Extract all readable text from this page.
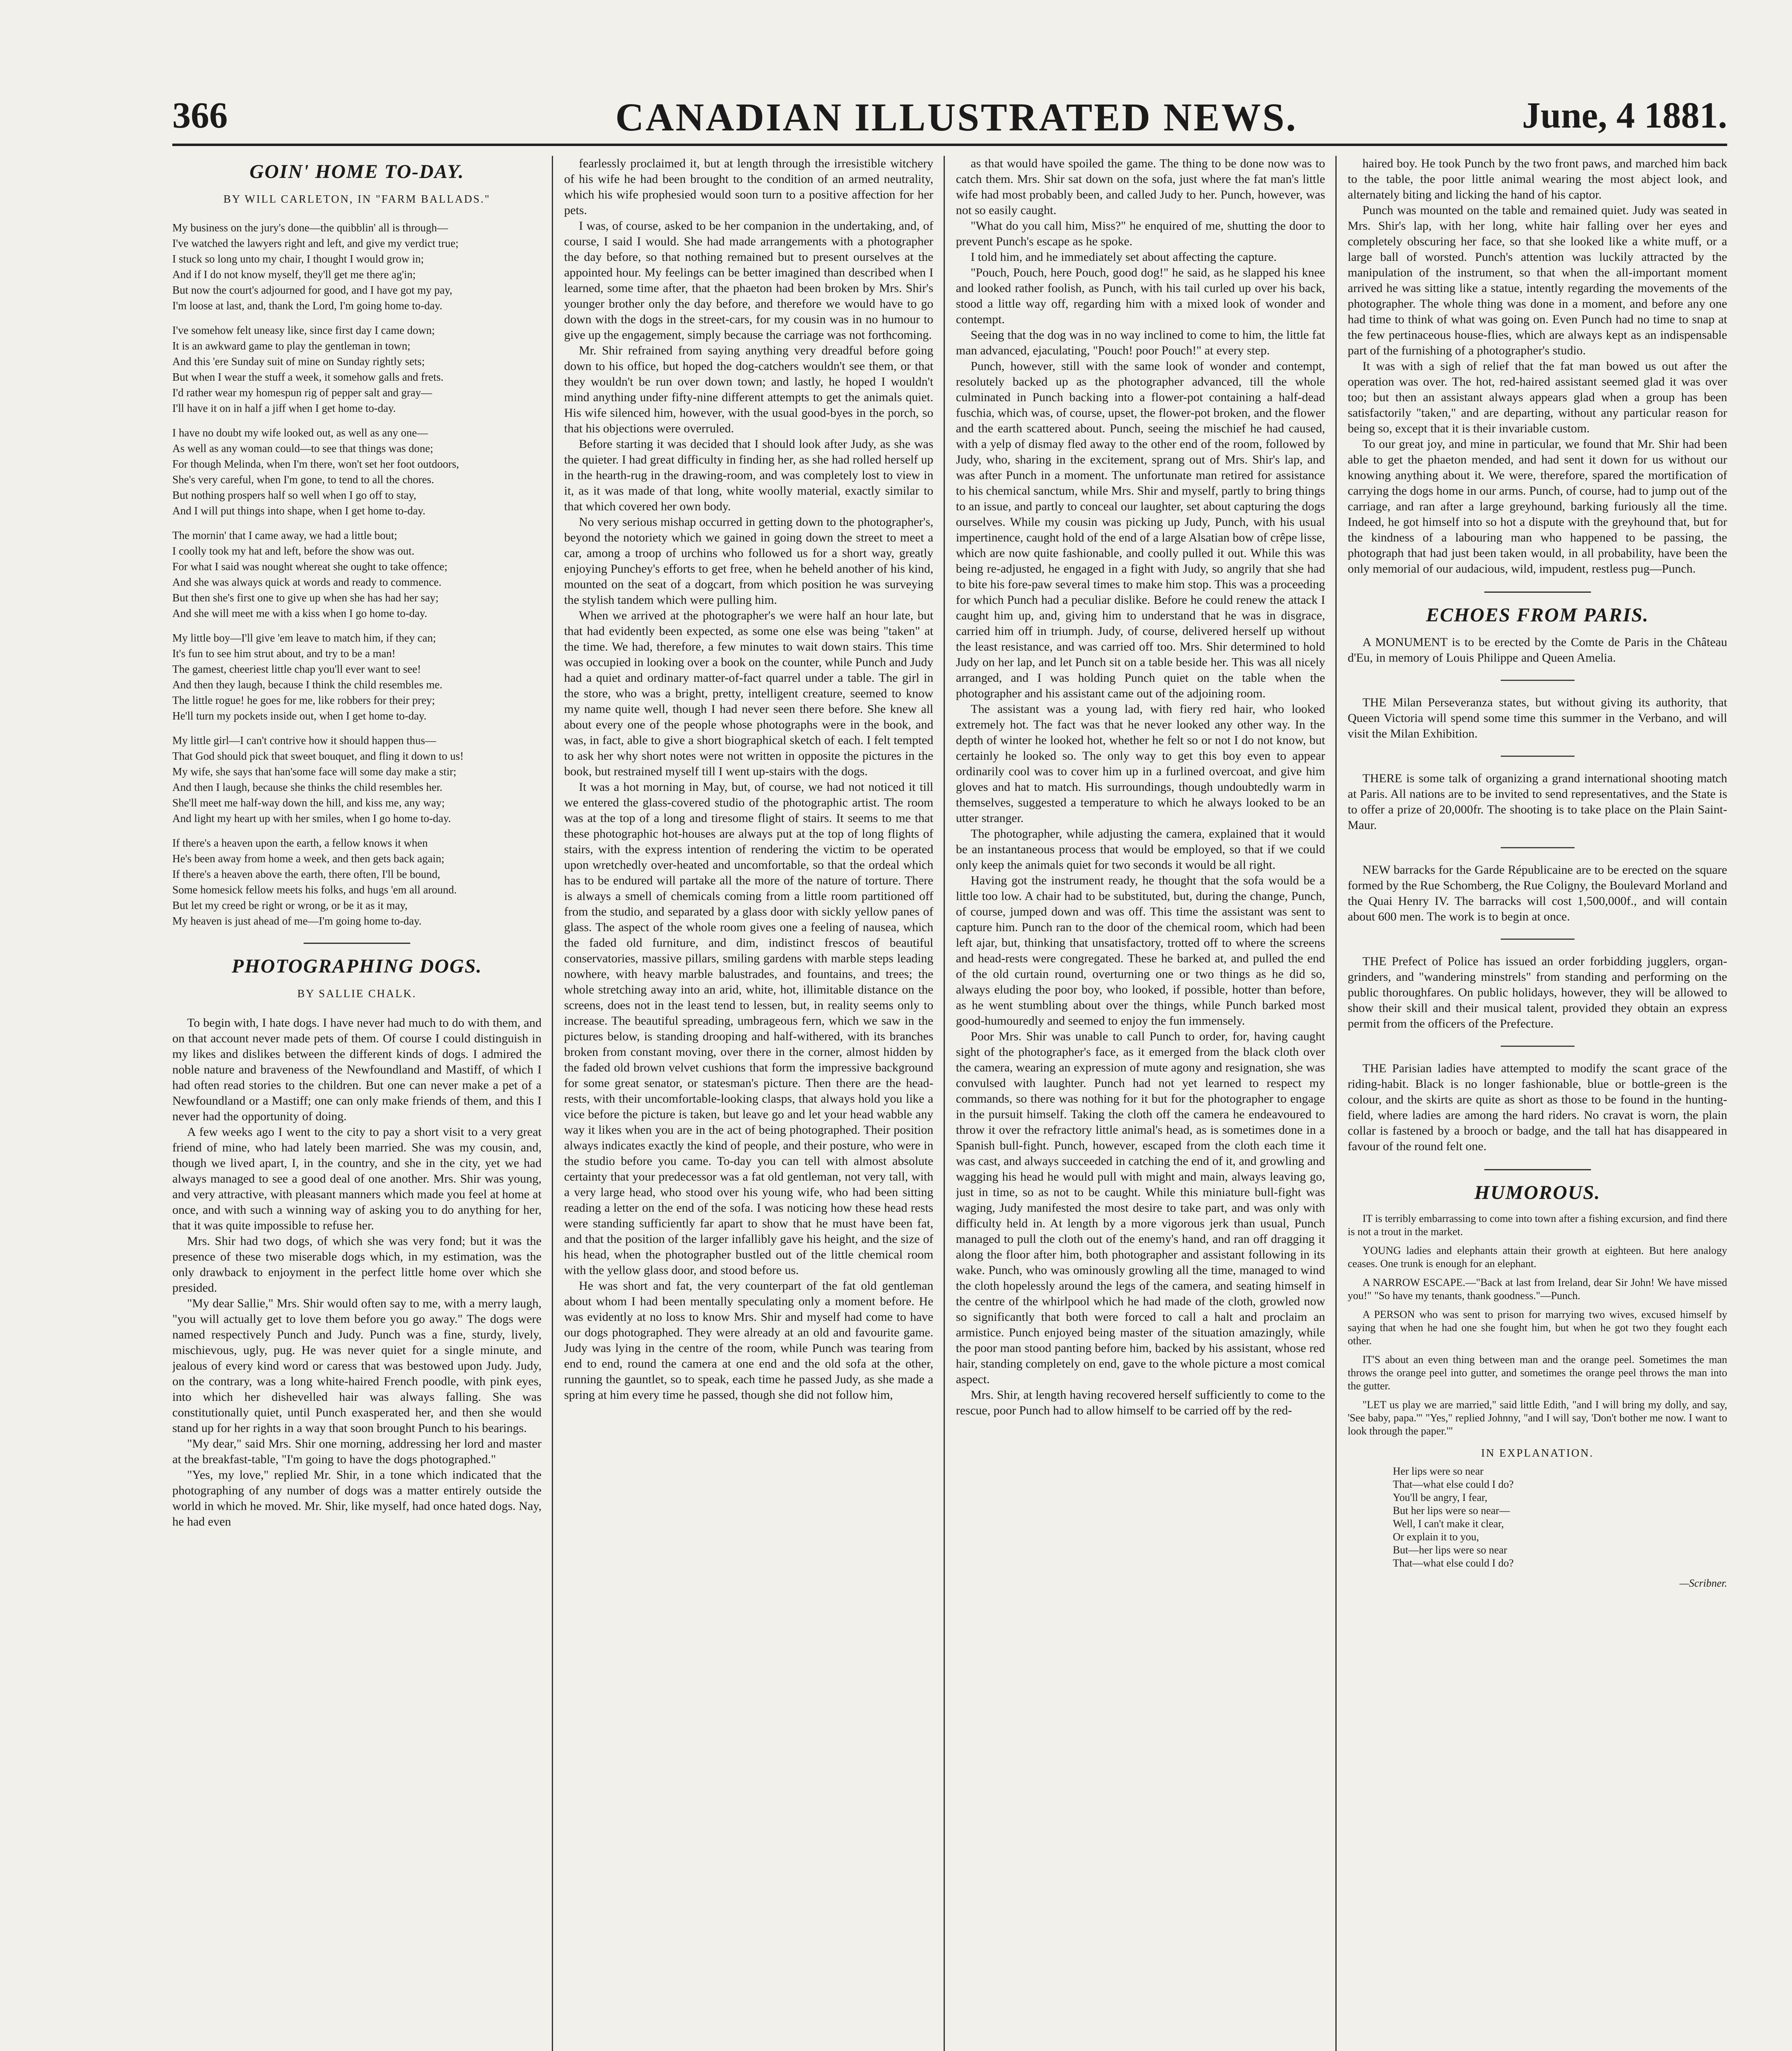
366	CANADIAN ILLUSTRATED NEWS.	June, 4 1881.
GOIN' HOME TO-DAY.
BY WILL CARLETON, IN "FARM BALLADS."

My business on the jury's done—the quibblin' all is through—

I've watched the lawyers right and left, and give my verdict true;

I stuck so long unto my chair, I thought I would grow in;

And if I do not know myself, they'll get me there ag'in;

But now the court's adjourned for good, and I have got my pay,

I'm loose at last, and, thank the Lord, I'm going home to-day.

I've somehow felt uneasy like, since first day I came down;

It is an awkward game to play the gentleman in town;

And this 'ere Sunday suit of mine on Sunday rightly sets;

But when I wear the stuff a week, it somehow galls and frets.

I'd rather wear my homespun rig of pepper salt and gray—

I'll have it on in half a jiff when I get home to-day.

I have no doubt my wife looked out, as well as any one—

As well as any woman could—to see that things was done;

For though Melinda, when I'm there, won't set her foot outdoors,

She's very careful, when I'm gone, to tend to all the chores.

But nothing prospers half so well when I go off to stay,

And I will put things into shape, when I get home to-day.

The mornin' that I came away, we had a little bout;

I coolly took my hat and left, before the show was out.

For what I said was nought whereat she ought to take offence;

And she was always quick at words and ready to commence.

But then she's first one to give up when she has had her say;

And she will meet me with a kiss when I go home to-day.

My little boy—I'll give 'em leave to match him, if they can;

It's fun to see him strut about, and try to be a man!

The gamest, cheeriest little chap you'll ever want to see!

And then they laugh, because I think the child resembles me.

The little rogue! he goes for me, like robbers for their prey;

He'll turn my pockets inside out, when I get home to-day.

My little girl—I can't contrive how it should happen thus—

That God should pick that sweet bouquet, and fling it down to us!

My wife, she says that han'some face will some day make a stir;

And then I laugh, because she thinks the child resembles her.

She'll meet me half-way down the hill, and kiss me, any way;

And light my heart up with her smiles, when I go home to-day.

If there's a heaven upon the earth, a fellow knows it when

He's been away from home a week, and then gets back again;

If there's a heaven above the earth, there often, I'll be bound,

Some homesick fellow meets his folks, and hugs 'em all around.

But let my creed be right or wrong, or be it as it may,

My heaven is just ahead of me—I'm going home to-day.

PHOTOGRAPHING DOGS.
BY SALLIE CHALK.

To begin with, I hate dogs. I have never had much to do with them, and on that account never made pets of them. Of course I could distinguish in my likes and dislikes between the different kinds of dogs. I admired the noble nature and braveness of the Newfoundland and Mastiff, of which I had often read stories to the children. But one can never make a pet of a Newfoundland or a Mastiff; one can only make friends of them, and this I never had the opportunity of doing.

A few weeks ago I went to the city to pay a short visit to a very great friend of mine, who had lately been married. She was my cousin, and, though we lived apart, I, in the country, and she in the city, yet we had always managed to see a good deal of one another. Mrs. Shir was young, and very attractive, with pleasant manners which made you feel at home at once, and with such a winning way of asking you to do anything for her, that it was quite impossible to refuse her.

Mrs. Shir had two dogs, of which she was very fond; but it was the presence of these two miserable dogs which, in my estimation, was the only drawback to enjoyment in the perfect little home over which she presided.

"My dear Sallie," Mrs. Shir would often say to me, with a merry laugh, "you will actually get to love them before you go away." The dogs were named respectively Punch and Judy. Punch was a fine, sturdy, lively, mischievous, ugly, pug. He was never quiet for a single minute, and jealous of every kind word or caress that was bestowed upon Judy. Judy, on the contrary, was a long white-haired French poodle, with pink eyes, into which her dishevelled hair was always falling. She was constitutionally quiet, until Punch exasperated her, and then she would stand up for her rights in a way that soon brought Punch to his bearings.

"My dear," said Mrs. Shir one morning, addressing her lord and master at the breakfast-table, "I'm going to have the dogs photographed."

"Yes, my love," replied Mr. Shir, in a tone which indicated that the photographing of any number of dogs was a matter entirely outside the world in which he moved. Mr. Shir, like myself, had once hated dogs. Nay, he had even

fearlessly proclaimed it, but at length through the irresistible witchery of his wife he had been brought to the condition of an armed neutrality, which his wife prophesied would soon turn to a positive affection for her pets.

I was, of course, asked to be her companion in the undertaking, and, of course, I said I would. She had made arrangements with a photographer the day before, so that nothing remained but to present ourselves at the appointed hour. My feelings can be better imagined than described when I learned, some time after, that the phaeton had been broken by Mrs. Shir's younger brother only the day before, and therefore we would have to go down with the dogs in the street-cars, for my cousin was in no humour to give up the engagement, simply because the carriage was not forthcoming.

Mr. Shir refrained from saying anything very dreadful before going down to his office, but hoped the dog-catchers wouldn't see them, or that they wouldn't be run over down town; and lastly, he hoped I wouldn't mind anything under fifty-nine different attempts to get the animals quiet. His wife silenced him, however, with the usual good-byes in the porch, so that his objections were overruled.

Before starting it was decided that I should look after Judy, as she was the quieter. I had great difficulty in finding her, as she had rolled herself up in the hearth-rug in the drawing-room, and was completely lost to view in it, as it was made of that long, white woolly material, exactly similar to that which covered her own body.

No very serious mishap occurred in getting down to the photographer's, beyond the notoriety which we gained in going down the street to meet a car, among a troop of urchins who followed us for a short way, greatly enjoying Punchey's efforts to get free, when he beheld another of his kind, mounted on the seat of a dogcart, from which position he was surveying the stylish tandem which were pulling him.

When we arrived at the photographer's we were half an hour late, but that had evidently been expected, as some one else was being "taken" at the time. We had, therefore, a few minutes to wait down stairs. This time was occupied in looking over a book on the counter, while Punch and Judy had a quiet and ordinary matter-of-fact quarrel under a table. The girl in the store, who was a bright, pretty, intelligent creature, seemed to know my name quite well, though I had never seen there before. She knew all about every one of the people whose photographs were in the book, and was, in fact, able to give a short biographical sketch of each. I felt tempted to ask her why short notes were not written in opposite the pictures in the book, but restrained myself till I went up-stairs with the dogs.

It was a hot morning in May, but, of course, we had not noticed it till we entered the glass-covered studio of the photographic artist. The room was at the top of a long and tiresome flight of stairs. It seems to me that these photographic hot-houses are always put at the top of long flights of stairs, with the express intention of rendering the victim to be operated upon wretchedly over-heated and uncomfortable, so that the ordeal which has to be endured will partake all the more of the nature of torture. There is always a smell of chemicals coming from a little room partitioned off from the studio, and separated by a glass door with sickly yellow panes of glass. The aspect of the whole room gives one a feeling of nausea, which the faded old furniture, and dim, indistinct frescos of beautiful conservatories, massive pillars, smiling gardens with marble steps leading nowhere, with heavy marble balustrades, and fountains, and trees; the whole stretching away into an arid, white, hot, illimitable distance on the screens, does not in the least tend to lessen, but, in reality seems only to increase. The beautiful spreading, umbrageous fern, which we saw in the pictures below, is standing drooping and half-withered, with its branches broken from constant moving, over there in the corner, almost hidden by the faded old brown velvet cushions that form the impressive background for some great senator, or statesman's picture. Then there are the head-rests, with their uncomfortable-looking clasps, that always hold you like a vice before the picture is taken, but leave go and let your head wabble any way it likes when you are in the act of being photographed. Their position always indicates exactly the kind of people, and their posture, who were in the studio before you came. To-day you can tell with almost absolute certainty that your predecessor was a fat old gentleman, not very tall, with a very large head, who stood over his young wife, who had been sitting reading a letter on the end of the sofa. I was noticing how these head rests were standing sufficiently far apart to show that he must have been fat, and that the position of the larger infallibly gave his height, and the size of his head, when the photographer bustled out of the little chemical room with the yellow glass door, and stood before us.

He was short and fat, the very counterpart of the fat old gentleman about whom I had been mentally speculating only a moment before. He was evidently at no loss to know Mrs. Shir and myself had come to have our dogs photographed. They were already at an old and favourite game. Judy was lying in the centre of the room, while Punch was tearing from end to end, round the camera at one end and the old sofa at the other, running the gauntlet, so to speak, each time he passed Judy, as she made a spring at him every time he passed, though she did not follow him,

as that would have spoiled the game. The thing to be done now was to catch them. Mrs. Shir sat down on the sofa, just where the fat man's little wife had most probably been, and called Judy to her. Punch, however, was not so easily caught.

"What do you call him, Miss?" he enquired of me, shutting the door to prevent Punch's escape as he spoke.

I told him, and he immediately set about affecting the capture.

"Pouch, Pouch, here Pouch, good dog!" he said, as he slapped his knee and looked rather foolish, as Punch, with his tail curled up over his back, stood a little way off, regarding him with a mixed look of wonder and contempt.

Seeing that the dog was in no way inclined to come to him, the little fat man advanced, ejaculating, "Pouch! poor Pouch!" at every step.

Punch, however, still with the same look of wonder and contempt, resolutely backed up as the photographer advanced, till the whole culminated in Punch backing into a flower-pot containing a half-dead fuschia, which was, of course, upset, the flower-pot broken, and the flower and the earth scattered about. Punch, seeing the mischief he had caused, with a yelp of dismay fled away to the other end of the room, followed by Judy, who, sharing in the excitement, sprang out of Mrs. Shir's lap, and was after Punch in a moment. The unfortunate man retired for assistance to his chemical sanctum, while Mrs. Shir and myself, partly to bring things to an issue, and partly to conceal our laughter, set about capturing the dogs ourselves. While my cousin was picking up Judy, Punch, with his usual impertinence, caught hold of the end of a large Alsatian bow of crêpe lisse, which are now quite fashionable, and coolly pulled it out. While this was being re-adjusted, he engaged in a fight with Judy, so angrily that she had to bite his fore-paw several times to make him stop. This was a proceeding for which Punch had a peculiar dislike. Before he could renew the attack I caught him up, and, giving him to understand that he was in disgrace, carried him off in triumph. Judy, of course, delivered herself up without the least resistance, and was carried off too. Mrs. Shir determined to hold Judy on her lap, and let Punch sit on a table beside her. This was all nicely arranged, and I was holding Punch quiet on the table when the photographer and his assistant came out of the adjoining room.

The assistant was a young lad, with fiery red hair, who looked extremely hot. The fact was that he never looked any other way. In the depth of winter he looked hot, whether he felt so or not I do not know, but certainly he looked so. The only way to get this boy even to appear ordinarily cool was to cover him up in a furlined overcoat, and give him gloves and hat to match. His surroundings, though undoubtedly warm in themselves, suggested a temperature to which he always looked to be an utter stranger.

The photographer, while adjusting the camera, explained that it would be an instantaneous process that would be employed, so that if we could only keep the animals quiet for two seconds it would be all right.

Having got the instrument ready, he thought that the sofa would be a little too low. A chair had to be substituted, but, during the change, Punch, of course, jumped down and was off. This time the assistant was sent to capture him. Punch ran to the door of the chemical room, which had been left ajar, but, thinking that unsatisfactory, trotted off to where the screens and head-rests were congregated. These he barked at, and pulled the end of the old curtain round, overturning one or two things as he did so, always eluding the poor boy, who looked, if possible, hotter than before, as he went stumbling about over the things, while Punch barked most good-humouredly and seemed to enjoy the fun immensely.

Poor Mrs. Shir was unable to call Punch to order, for, having caught sight of the photographer's face, as it emerged from the black cloth over the camera, wearing an expression of mute agony and resignation, she was convulsed with laughter. Punch had not yet learned to respect my commands, so there was nothing for it but for the photographer to engage in the pursuit himself. Taking the cloth off the camera he endeavoured to throw it over the refractory little animal's head, as is sometimes done in a Spanish bull-fight. Punch, however, escaped from the cloth each time it was cast, and always succeeded in catching the end of it, and growling and wagging his head he would pull with might and main, always leaving go, just in time, so as not to be caught. While this miniature bull-fight was waging, Judy manifested the most desire to take part, and was only with difficulty held in. At length by a more vigorous jerk than usual, Punch managed to pull the cloth out of the enemy's hand, and ran off dragging it along the floor after him, both photographer and assistant following in its wake. Punch, who was ominously growling all the time, managed to wind the cloth hopelessly around the legs of the camera, and seating himself in the centre of the whirlpool which he had made of the cloth, growled now so significantly that both were forced to call a halt and proclaim an armistice. Punch enjoyed being master of the situation amazingly, while the poor man stood panting before him, backed by his assistant, whose red hair, standing completely on end, gave to the whole picture a most comical aspect.

Mrs. Shir, at length having recovered herself sufficiently to come to the rescue, poor Punch had to allow himself to be carried off by the red-

haired boy. He took Punch by the two front paws, and marched him back to the table, the poor little animal wearing the most abject look, and alternately biting and licking the hand of his captor.

Punch was mounted on the table and remained quiet. Judy was seated in Mrs. Shir's lap, with her long, white hair falling over her eyes and completely obscuring her face, so that she looked like a white muff, or a large ball of worsted. Punch's attention was luckily attracted by the manipulation of the instrument, so that when the all-important moment arrived he was sitting like a statue, intently regarding the movements of the photographer. The whole thing was done in a moment, and before any one had time to think of what was going on. Even Punch had no time to snap at the few pertinaceous house-flies, which are always kept as an indispensable part of the furnishing of a photographer's studio.

It was with a sigh of relief that the fat man bowed us out after the operation was over. The hot, red-haired assistant seemed glad it was over too; but then an assistant always appears glad when a group has been satisfactorily "taken," and are departing, without any particular reason for being so, except that it is their invariable custom.

To our great joy, and mine in particular, we found that Mr. Shir had been able to get the phaeton mended, and had sent it down for us without our knowing anything about it. We were, therefore, spared the mortification of carrying the dogs home in our arms. Punch, of course, had to jump out of the carriage, and ran after a large greyhound, barking furiously all the time. Indeed, he got himself into so hot a dispute with the greyhound that, but for the kindness of a labouring man who happened to be passing, the photograph that had just been taken would, in all probability, have been the only memorial of our audacious, wild, impudent, restless pug—Punch.

ECHOES FROM PARIS.

A MONUMENT is to be erected by the Comte de Paris in the Château d'Eu, in memory of Louis Philippe and Queen Amelia.

THE Milan Perseveranza states, but without giving its authority, that Queen Victoria will spend some time this summer in the Verbano, and will visit the Milan Exhibition.

THERE is some talk of organizing a grand international shooting match at Paris. All nations are to be invited to send representatives, and the State is to offer a prize of 20,000fr. The shooting is to take place on the Plain Saint-Maur.

NEW barracks for the Garde Républicaine are to be erected on the square formed by the Rue Schomberg, the Rue Coligny, the Boulevard Morland and the Quai Henry IV. The barracks will cost 1,500,000f., and will contain about 600 men. The work is to begin at once.

THE Prefect of Police has issued an order forbidding jugglers, organ-grinders, and "wandering minstrels" from standing and performing on the public thoroughfares. On public holidays, however, they will be allowed to show their skill and their musical talent, provided they obtain an express permit from the officers of the Prefecture.

THE Parisian ladies have attempted to modify the scant grace of the riding-habit. Black is no longer fashionable, blue or bottle-green is the colour, and the skirts are quite as short as those to be found in the hunting-field, where ladies are among the hard riders. No cravat is worn, the plain collar is fastened by a brooch or badge, and the tall hat has disappeared in favour of the round felt one.

HUMOROUS.

IT is terribly embarrassing to come into town after a fishing excursion, and find there is not a trout in the market.

YOUNG ladies and elephants attain their growth at eighteen. But here analogy ceases. One trunk is enough for an elephant.

A NARROW ESCAPE.—"Back at last from Ireland, dear Sir John! We have missed you!" "So have my tenants, thank goodness."—Punch.

A PERSON who was sent to prison for marrying two wives, excused himself by saying that when he had one she fought him, but when he got two they fought each other.

IT'S about an even thing between man and the orange peel. Sometimes the man throws the orange peel into gutter, and sometimes the orange peel throws the man into the gutter.

"LET us play we are married," said little Edith, "and I will bring my dolly, and say, 'See baby, papa.'" "Yes," replied Johnny, "and I will say, 'Don't bother me now. I want to look through the paper.'"

IN EXPLANATION.
Her lips were so near
That—what else could I do?
You'll be angry, I fear,
But her lips were so near—
Well, I can't make it clear,
Or explain it to you,
But—her lips were so near
That—what else could I do?
—Scribner.
